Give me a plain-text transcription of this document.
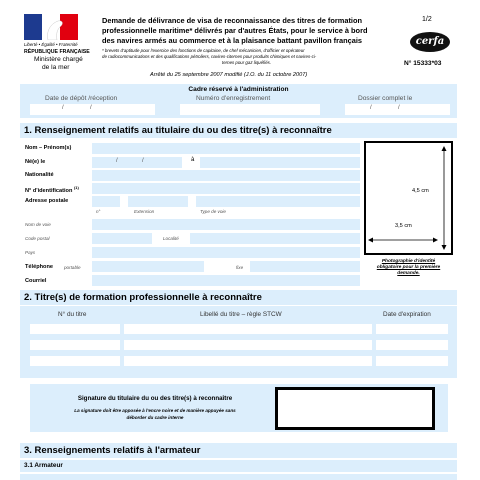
Liberté • Égalité • Fraternité
RÉPUBLIQUE FRANÇAISE
Ministère chargé
de la mer
Demande de délivrance de visa de reconnaissance des titres de formation
professionnelle maritime* délivrés par d'autres États, pour le service à bord
des navires armés au commerce et à la plaisance battant pavillon français
* brevets d'aptitude pour l'exercice des fonctions de capitaine, de chef mécanicien, d'officier et opérateur
de radiocommunications et des qualifications pétroliers, navires-citernes pour produits chimiques et navires-ci-
ternes pour gaz liquéfiés.
Arrêté du 25 septembre 2007 modifié (J.O. du 11 octobre 2007)
1/2
cerfa
N° 15333*03
Cadre réservé à l'administration
Date de dépôt /réception	Numéro d'enregistrement	Dossier complet le
/	/	/	/
1. Renseignement relatifs au titulaire du ou des titre(s) à reconnaître
Nom – Prénom(s)
Né(e) le	/	/	à
Nationalité
N° d'identification $^{(1)}$
Adresse postale
n°	Extension	Type de voie
Nom de voie
Code postal	Localité
Pays
Téléphone portable	fixe
Courriel
4,5 cm
3,5 cm
Photographie d'identité
obligatoire pour la première
demande.
2. Titre(s) de formation professionnelle à reconnaître
N° du titre	Libellé du titre – règle STCW	Date d'expiration
Signature du titulaire du ou des titre(s) à reconnaître
La signature doit être apposée à l'encre noire et de manière appuyée sans
déborder du cadre interne
3. Renseignements relatifs à l'armateur
3.1 Armateur
